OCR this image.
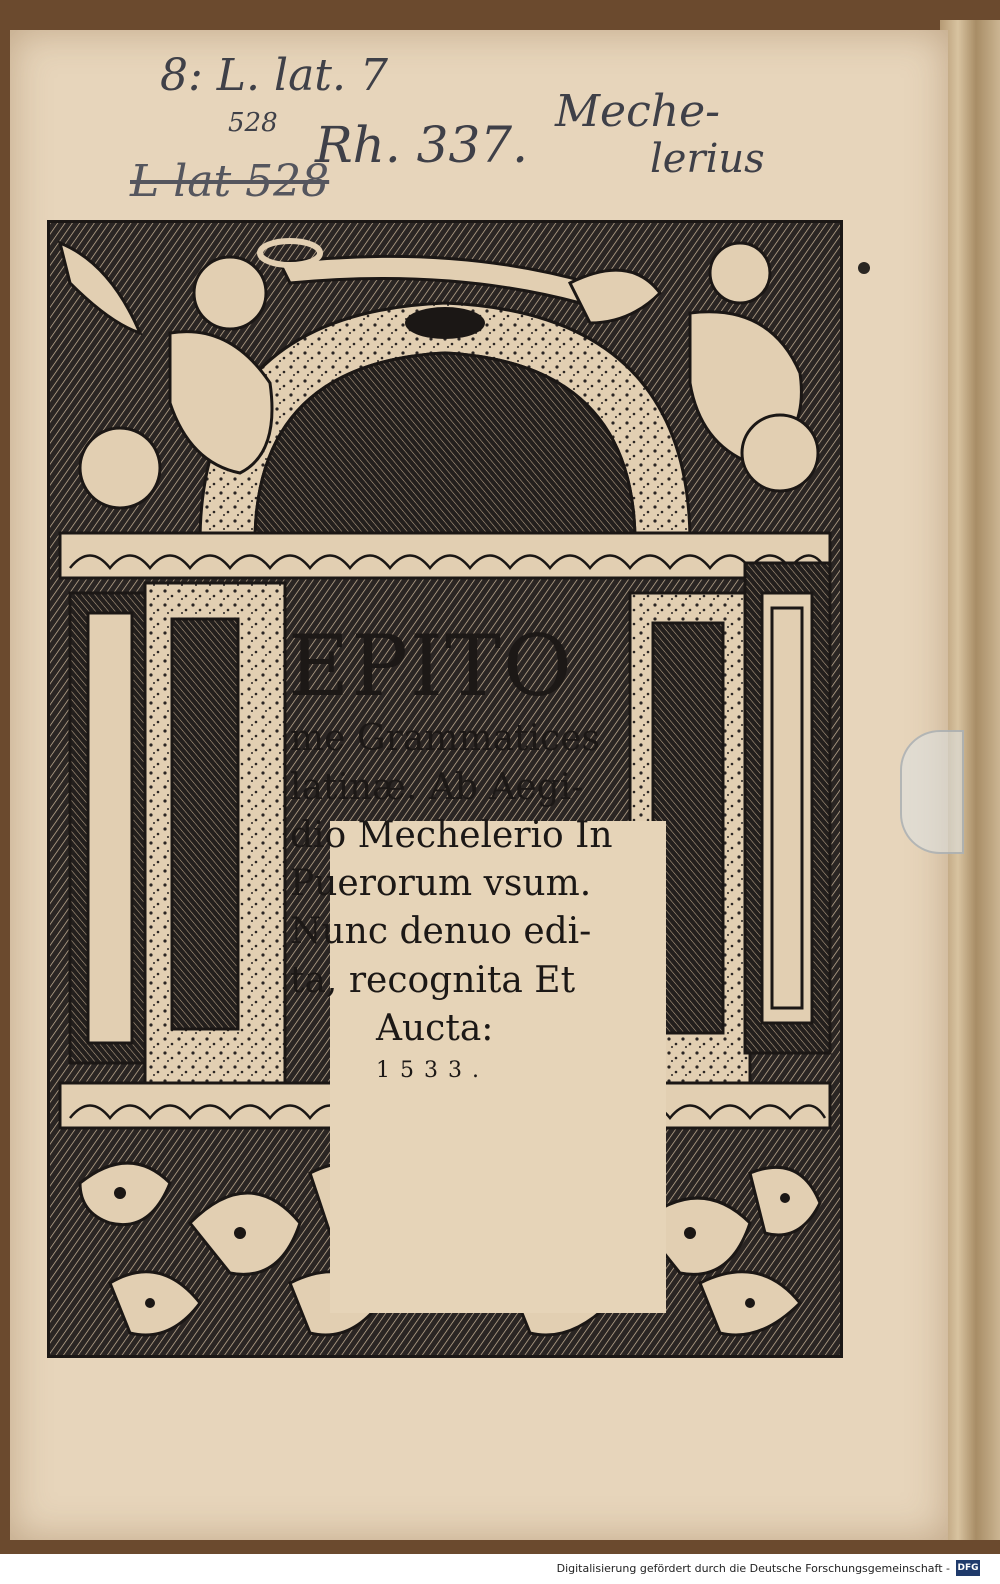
8: L. lat. 7
528 Rh. 337.
L lat 528
Meche-
lerius
EPITO
me Grammatices
latinæ. Ab Aegi-
dio Mechelerio In
Puerorum vsum.
Nunc denuo edi-
ta, recognita Et
Aucta:
1533.
Digitalisierung gefördert durch die Deutsche Forschungsgemeinschaft - DFG
